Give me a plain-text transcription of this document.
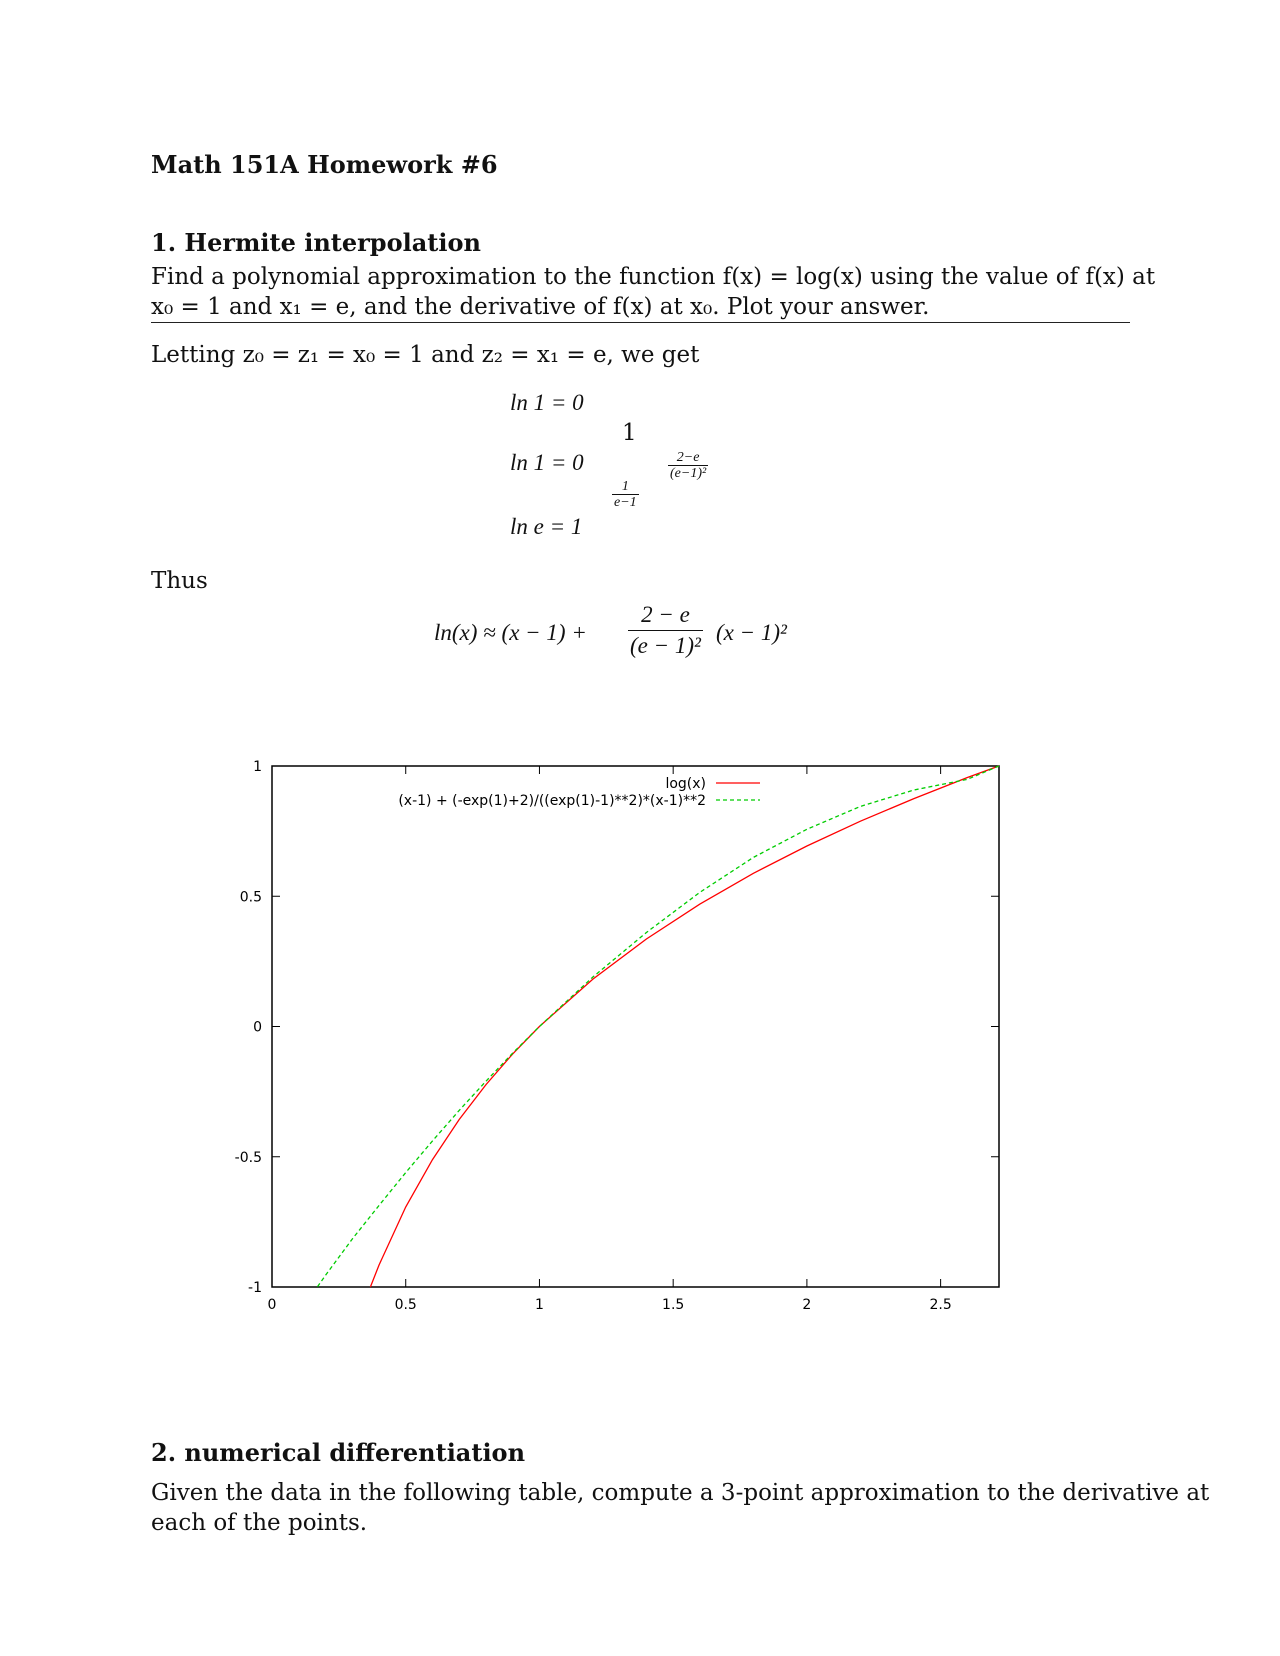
Math 151A Homework #6
1. Hermite interpolation
Find a polynomial approximation to the function f(x) = log(x) using the value of f(x) at
x₀ = 1 and x₁ = e, and the derivative of f(x) at x₀. Plot your answer.
Letting z₀ = z₁ = x₀ = 1 and z₂ = x₁ = e, we get
ln 1 = 0
ln 1 = 0
ln e = 1
1
$\frac{1}{e-1}$
$\frac{2-e}{\text{(e−1)²}}$
Thus
$\ln(x) \approx (x - 1) + \frac{2 - e}{\text{(e − 1)²}} (x - 1)^2$
0	0.5	1	1.5	2	2.5
-1
-0.5
0
0.5
1
log(x)
(x-1) + (-exp(1)+2)/((exp(1)-1)**2)*(x-1)**2
2. numerical differentiation
Given the data in the following table, compute a 3-point approximation to the derivative at
each of the points.
